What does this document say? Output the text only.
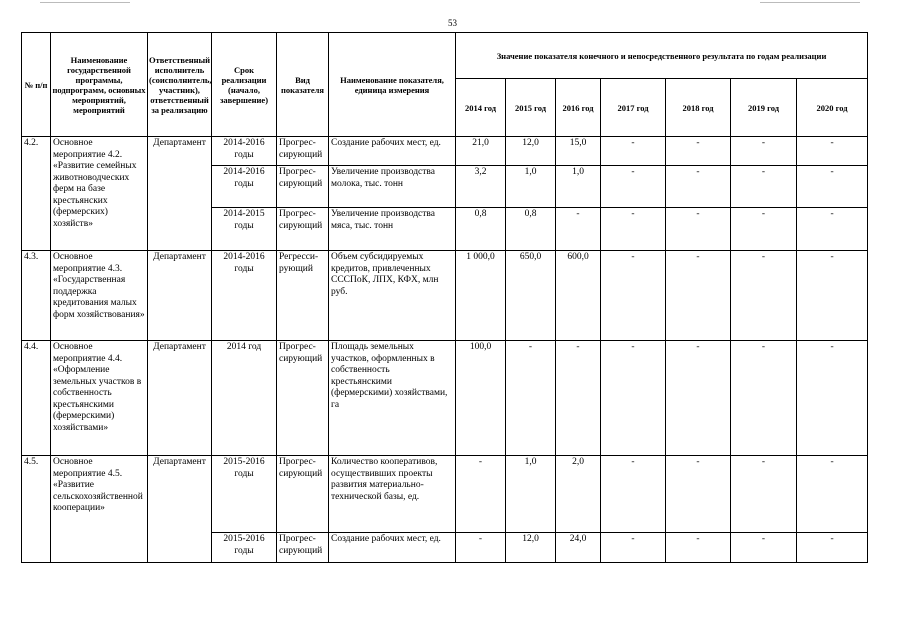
53
№ п/п	Наименование государственной программы, подпрограмм, основных мероприятий, мероприятий	Ответственный исполнитель (соисполнитель, участник), ответственный за реализацию	Срок реализации (начало, завершение)	Вид показателя	Наименование показателя, единица измерения	Значение показателя конечного и непосредственного результата по годам реализации						
						2014 год	2015 год	2016 год	2017 год	2018 год	2019 год	2020 год
4.2.	Основное мероприятие 4.2. «Развитие семейных животноводческих ферм на базе крестьянских (фермерских) хозяйств»	Департамент	2014-2016 годы	Прогрес-сирующий	Создание рабочих мест, ед.	21,0	12,0	15,0	-	-	-	-
			2014-2016 годы	Прогрес-сирующий	Увеличение производства молока, тыс. тонн	3,2	1,0	1,0	-	-	-	-
			2014-2015 годы	Прогрес-сирующий	Увеличение производства мяса, тыс. тонн	0,8	0,8	-	-	-	-	-
4.3.	Основное мероприятие 4.3. «Государственная поддержка кредитования малых форм хозяйствования»	Департамент	2014-2016 годы	Регресси-рующий	Объем субсидируемых кредитов, привлеченных СССПоК, ЛПХ, КФХ, млн руб.	1 000,0	650,0	600,0	-	-	-	-
4.4.	Основное мероприятие 4.4. «Оформление земельных участков в собственность крестьянскими (фермерскими) хозяйствами»	Департамент	2014 год	Прогрес-сирующий	Площадь земельных участков, оформленных в собственность крестьянскими (фермерскими) хозяйствами, га	100,0	-	-	-	-	-	-
4.5.	Основное мероприятие 4.5. «Развитие сельскохозяйственной кооперации»	Департамент	2015-2016 годы	Прогрес-сирующий	Количество кооперативов, осуществивших проекты развития материально-технической базы, ед.	-	1,0	2,0	-	-	-	-
			2015-2016 годы	Прогрес-сирующий	Создание рабочих мест, ед.	-	12,0	24,0	-	-	-	-
